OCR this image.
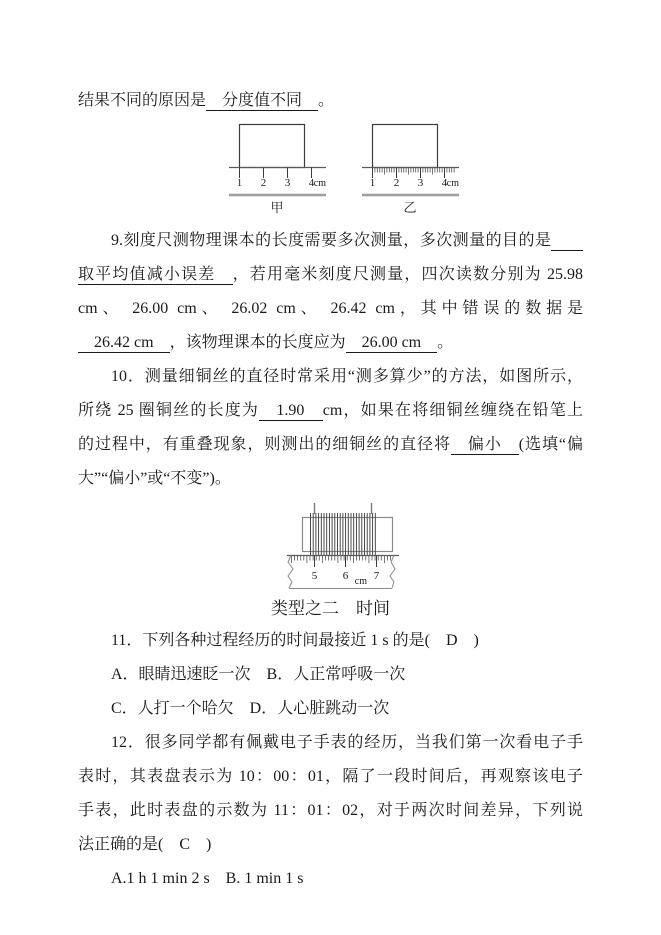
结果不同的原因是　分度值不同　。
1 2 3 4 cm
甲
1 2 3 4 cm
乙
9.刻度尺测物理课本的长度需要多次测量，多次测量的目的是　　
取平均值减小误差　，若用毫米刻度尺测量，四次读数分别为 25.98
cm、 26.00 cm、 26.02 cm、 26.42 cm，其中错误的数据是
　26.42 cm　，该物理课本的长度应为　26.00 cm　。
10．测量细铜丝的直径时常采用“测多算少”的方法，如图所示，
所绕 25 圈铜丝的长度为　1.90　cm，如果在将细铜丝缠绕在铅笔上
的过程中，有重叠现象，则测出的细铜丝的直径将　偏小　(选填“偏
大”“偏小”或“不变”)。
5 6 7
cm
类型之二　时间
11．下列各种过程经历的时间最接近 1 s 的是(　D　)
A．眼睛迅速眨一次　B．人正常呼吸一次
C．人打一个哈欠　D．人心脏跳动一次
12．很多同学都有佩戴电子手表的经历，当我们第一次看电子手
表时，其表盘表示为 10：00：01，隔了一段时间后，再观察该电子
手表，此时表盘的示数为 11：01：02，对于两次时间差异，下列说
法正确的是(　C　)
A.1 h 1 min 2 s　B. 1 min 1 s
